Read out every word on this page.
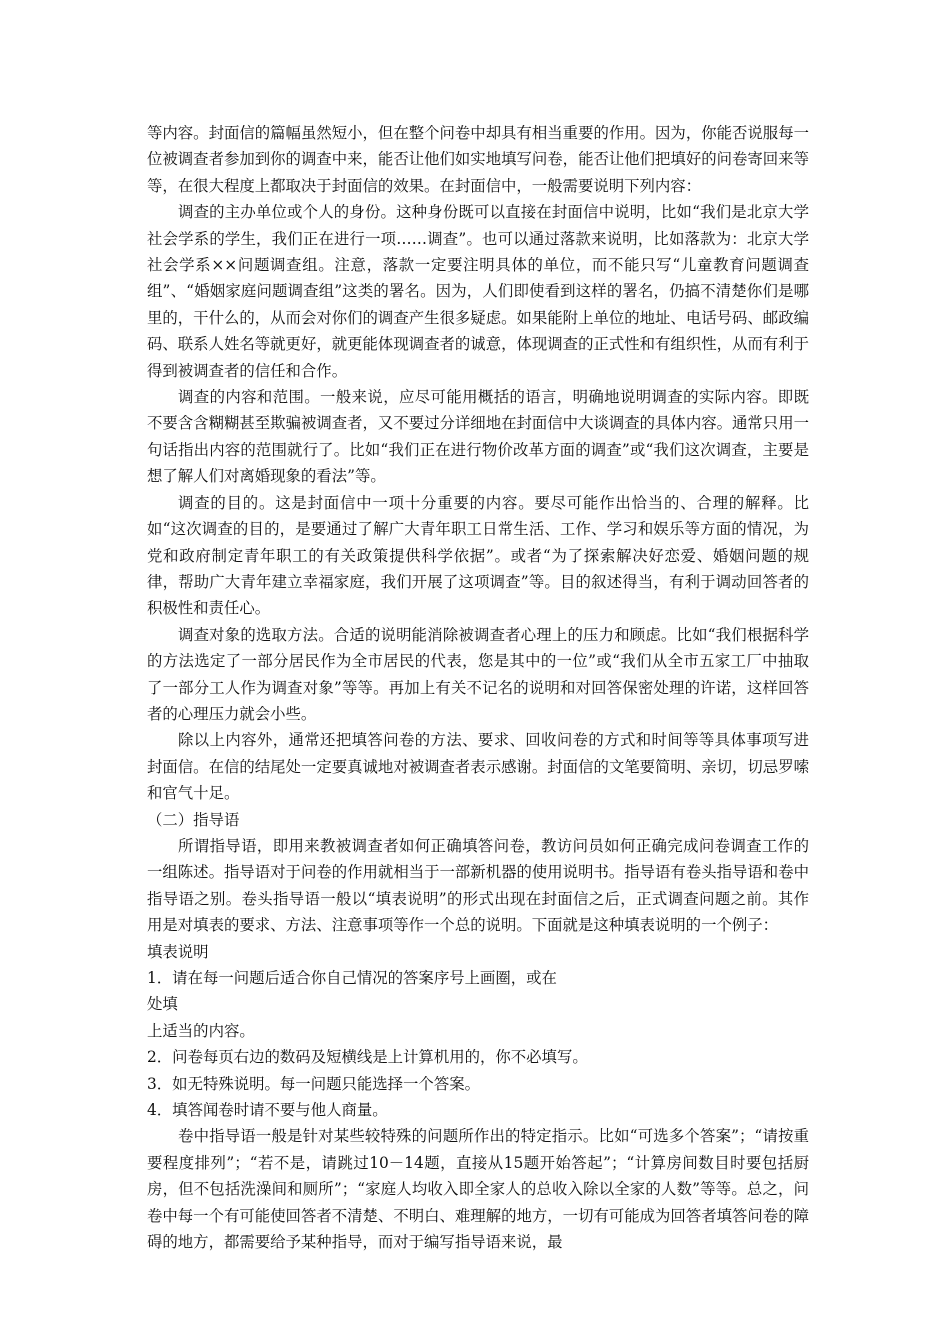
等内容。封面信的篇幅虽然短小，但在整个问卷中却具有相当重要的作用。因为，你能否说服每一位被调查者参加到你的调查中来，能否让他们如实地填写问卷，能否让他们把填好的问卷寄回来等等，在很大程度上都取决于封面信的效果。在封面信中，一般需要说明下列内容：

调查的主办单位或个人的身份。这种身份既可以直接在封面信中说明，比如“我们是北京大学社会学系的学生，我们正在进行一项……调查”。也可以通过落款来说明，比如落款为：北京大学社会学系××问题调查组。注意，落款一定要注明具体的单位，而不能只写“儿童教育问题调查组”、“婚姻家庭问题调查组”这类的署名。因为，人们即使看到这样的署名，仍搞不清楚你们是哪里的，干什么的，从而会对你们的调查产生很多疑虑。如果能附上单位的地址、电话号码、邮政编码、联系人姓名等就更好，就更能体现调查者的诚意，体现调查的正式性和有组织性，从而有利于得到被调查者的信任和合作。

调查的内容和范围。一般来说，应尽可能用概括的语言，明确地说明调查的实际内容。即既不要含含糊糊甚至欺骗被调查者，又不要过分详细地在封面信中大谈调查的具体内容。通常只用一句话指出内容的范围就行了。比如“我们正在进行物价改革方面的调查”或“我们这次调查，主要是想了解人们对离婚现象的看法”等。

调查的目的。这是封面信中一项十分重要的内容。要尽可能作出恰当的、合理的解释。比如“这次调查的目的，是要通过了解广大青年职工日常生活、工作、学习和娱乐等方面的情况，为党和政府制定青年职工的有关政策提供科学依据”。或者“为了探索解决好恋爱、婚姻问题的规律，帮助广大青年建立幸福家庭，我们开展了这项调查”等。目的叙述得当，有利于调动回答者的积极性和责任心。

调查对象的选取方法。合适的说明能消除被调查者心理上的压力和顾虑。比如“我们根据科学的方法选定了一部分居民作为全市居民的代表，您是其中的一位”或“我们从全市五家工厂中抽取了一部分工人作为调查对象”等等。再加上有关不记名的说明和对回答保密处理的许诺，这样回答者的心理压力就会小些。

除以上内容外，通常还把填答问卷的方法、要求、回收问卷的方式和时间等等具体事项写进封面信。在信的结尾处一定要真诚地对被调查者表示感谢。封面信的文笔要简明、亲切，切忌罗嗦和官气十足。

（二）指导语

所谓指导语，即用来教被调查者如何正确填答问卷，教访问员如何正确完成问卷调查工作的一组陈述。指导语对于问卷的作用就相当于一部新机器的使用说明书。指导语有卷头指导语和卷中指导语之别。卷头指导语一般以“填表说明”的形式出现在封面信之后，正式调查问题之前。其作用是对填表的要求、方法、注意事项等作一个总的说明。下面就是这种填表说明的一个例子：

填表说明

1．请在每一问题后适合你自己情况的答案序号上画圈，或在

处填

上适当的内容。

2．问卷每页右边的数码及短横线是上计算机用的，你不必填写。

3．如无特殊说明。每一问题只能选择一个答案。

4．填答闻卷时请不要与他人商量。

卷中指导语一般是针对某些较特殊的问题所作出的特定指示。比如“可选多个答案”；“请按重要程度排列”；“若不是，请跳过10－14题，直接从15题开始答起”；“计算房间数目时要包括厨房，但不包括洗澡间和厕所”；“家庭人均收入即全家人的总收入除以全家的人数”等等。总之，问卷中每一个有可能使回答者不清楚、不明白、难理解的地方，一切有可能成为回答者填答问卷的障碍的地方，都需要给予某种指导，而对于编写指导语来说，最
